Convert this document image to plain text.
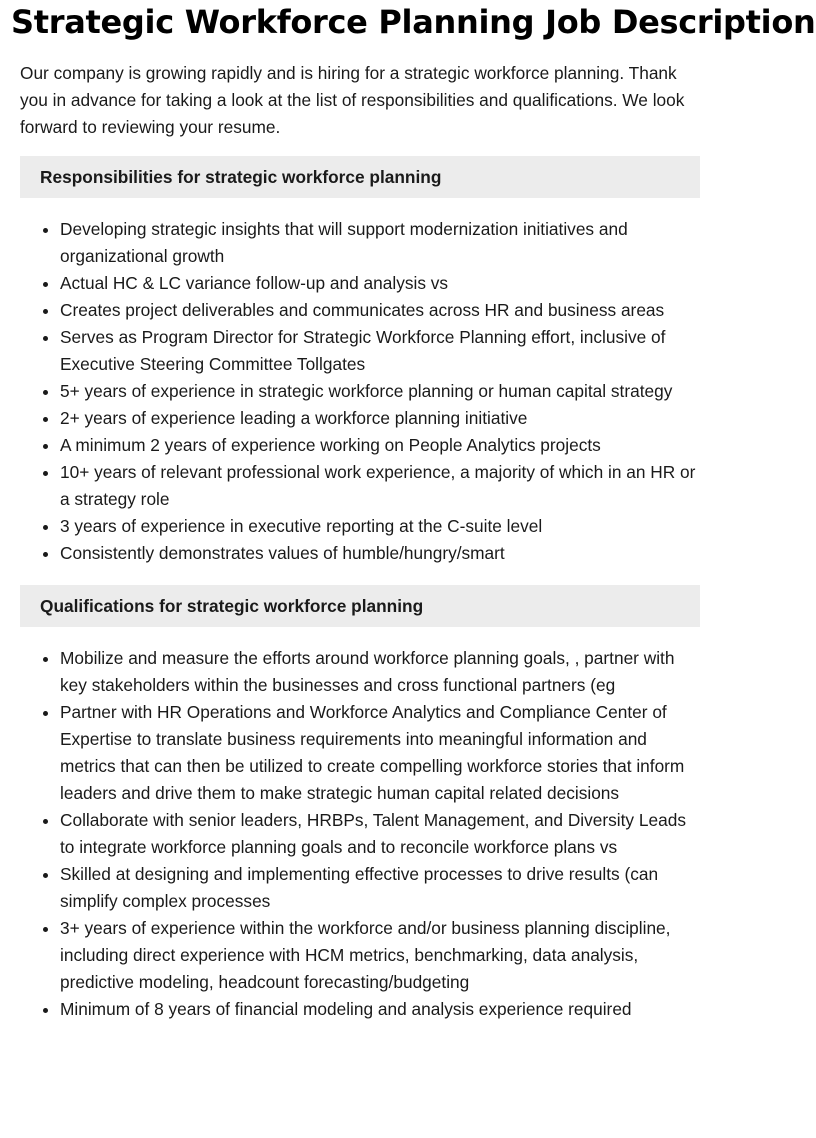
Strategic Workforce Planning Job Description

Our company is growing rapidly and is hiring for a strategic workforce planning. Thank you in advance for taking a look at the list of responsibilities and qualifications. We look forward to reviewing your resume.

Responsibilities for strategic workforce planning
• Developing strategic insights that will support modernization initiatives and organizational growth
• Actual HC & LC variance follow-up and analysis vs
• Creates project deliverables and communicates across HR and business areas
• Serves as Program Director for Strategic Workforce Planning effort, inclusive of Executive Steering Committee Tollgates
• 5+ years of experience in strategic workforce planning or human capital strategy
• 2+ years of experience leading a workforce planning initiative
• A minimum 2 years of experience working on People Analytics projects
• 10+ years of relevant professional work experience, a majority of which in an HR or a strategy role
• 3 years of experience in executive reporting at the C-suite level
• Consistently demonstrates values of humble/hungry/smart
Qualifications for strategic workforce planning
• Mobilize and measure the efforts around workforce planning goals, , partner with key stakeholders within the businesses and cross functional partners (eg
• Partner with HR Operations and Workforce Analytics and Compliance Center of Expertise to translate business requirements into meaningful information and metrics that can then be utilized to create compelling workforce stories that inform leaders and drive them to make strategic human capital related decisions
• Collaborate with senior leaders, HRBPs, Talent Management, and Diversity Leads to integrate workforce planning goals and to reconcile workforce plans vs
• Skilled at designing and implementing effective processes to drive results (can simplify complex processes
• 3+ years of experience within the workforce and/or business planning discipline, including direct experience with HCM metrics, benchmarking, data analysis, predictive modeling, headcount forecasting/budgeting
• Minimum of 8 years of financial modeling and analysis experience required
